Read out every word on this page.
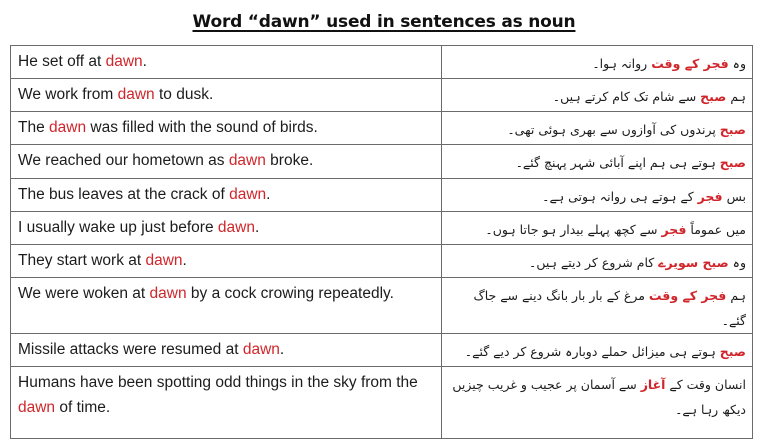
Word “dawn” used in sentences as noun
He set off at dawn.	وہ فجر کے وقت روانہ ہوا۔
We work from dawn to dusk.	ہم صبح سے شام تک کام کرتے ہیں۔
The dawn was filled with the sound of birds.	صبح پرندوں کی آوازوں سے بھری ہوئی تھی۔
We reached our hometown as dawn broke.	صبح ہوتے ہی ہم اپنے آبائی شہر پہنچ گئے۔
The bus leaves at the crack of dawn.	بس فجر کے ہوتے ہی روانہ ہوتی ہے۔
I usually wake up just before dawn.	میں عموماً فجر سے کچھ پہلے بیدار ہو جاتا ہوں۔
They start work at dawn.	وہ صبح سویرے کام شروع کر دیتے ہیں۔
We were woken at dawn by a cock crowing repeatedly.	ہم فجر کے وقت مرغ کے بار بار بانگ دینے سے جاگ گئے۔
Missile attacks were resumed at dawn.	صبح ہوتے ہی میزائل حملے دوبارہ شروع کر دیے گئے۔
Humans have been spotting odd things in the sky from the dawn of time.	انسان وقت کے آغاز سے آسمان پر عجیب و غریب چیزیں دیکھ رہا ہے۔
